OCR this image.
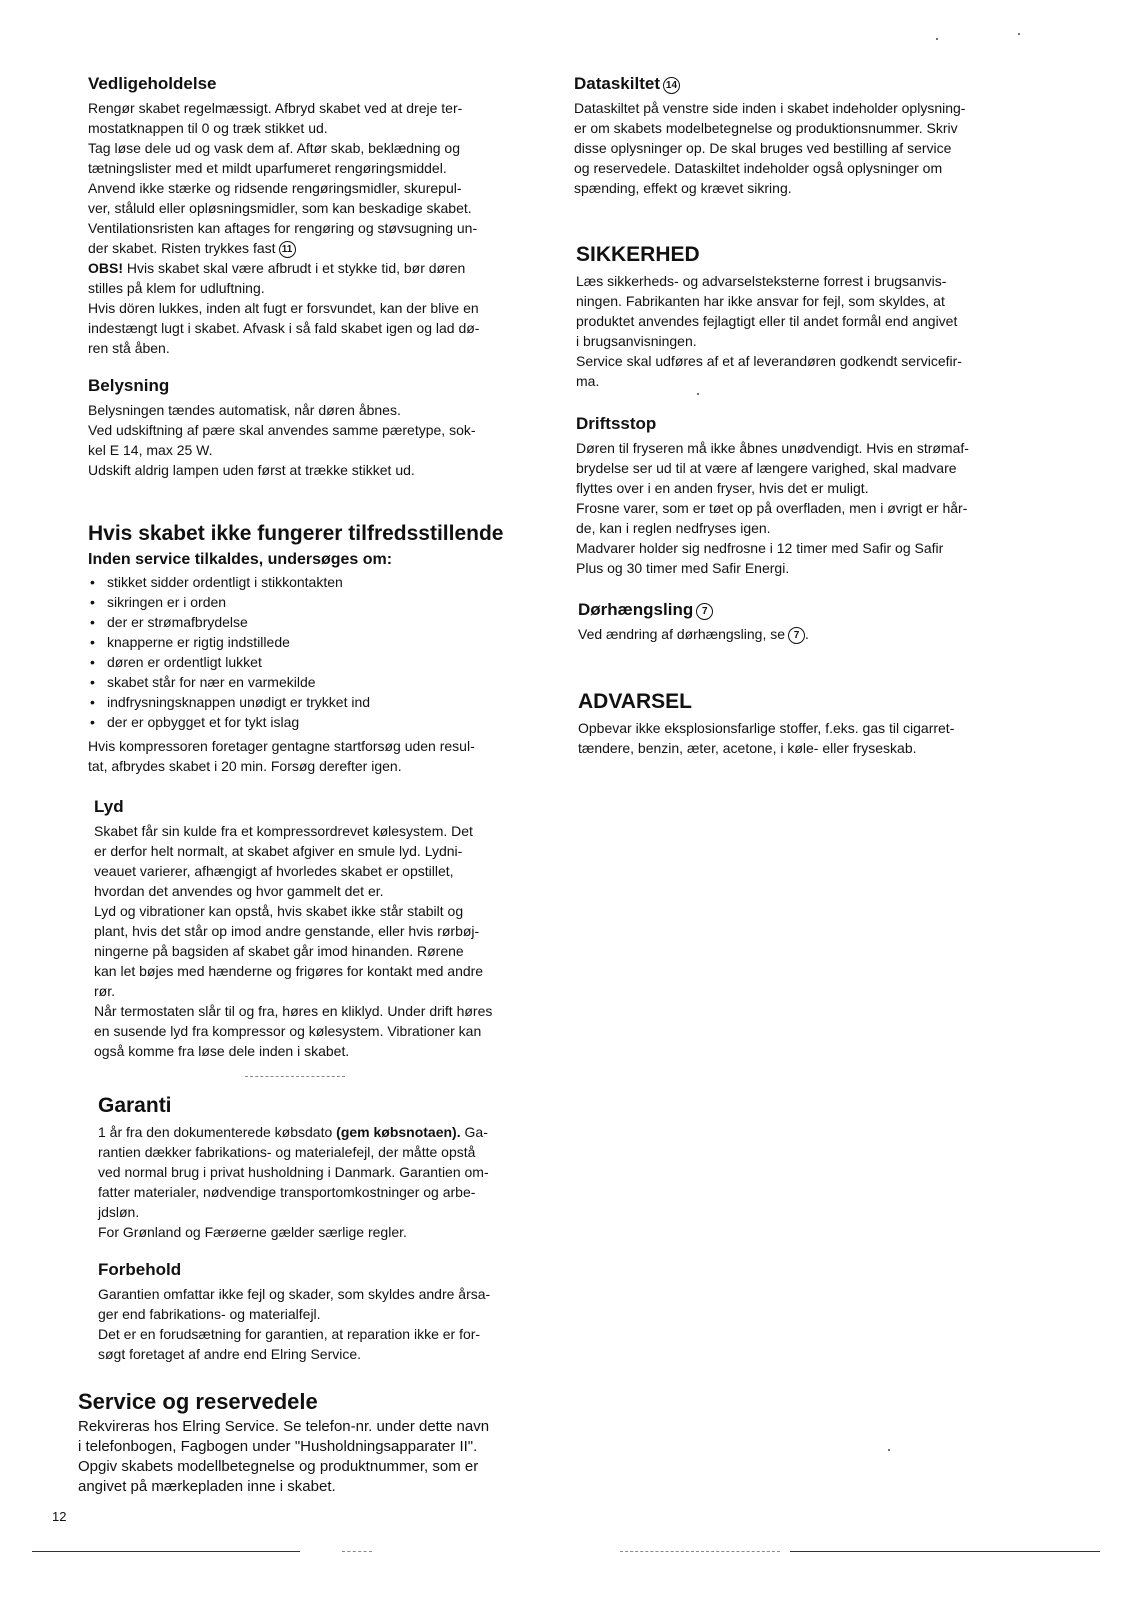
Vedligeholdelse
Rengør skabet regelmæssigt. Afbryd skabet ved at dreje ter-
mostatknappen til 0 og træk stikket ud.
Tag løse dele ud og vask dem af. Aftør skab, beklædning og
tætningslister med et mildt uparfumeret rengøringsmiddel.
Anvend ikke stærke og ridsende rengøringsmidler, skurepul-
ver, ståluld eller opløsningsmidler, som kan beskadige skabet.
Ventilationsristen kan aftages for rengøring og støvsugning un-
der skabet. Risten trykkes fast 11
OBS! Hvis skabet skal være afbrudt i et stykke tid, bør døren
stilles på klem for udluftning.
Hvis dören lukkes, inden alt fugt er forsvundet, kan der blive en
indestængt lugt i skabet. Afvask i så fald skabet igen og lad dø-
ren stå åben.
Belysning
Belysningen tændes automatisk, når døren åbnes.
Ved udskiftning af pære skal anvendes samme pæretype, sok-
kel E 14, max 25 W.
Udskift aldrig lampen uden først at trække stikket ud.
Hvis skabet ikke fungerer tilfredsstillende
Inden service tilkaldes, undersøges om:
• stikket sidder ordentligt i stikkontakten
• sikringen er i orden
• der er strømafbrydelse
• knapperne er rigtig indstillede
• døren er ordentligt lukket
• skabet står for nær en varmekilde
• indfrysningsknappen unødigt er trykket ind
• der er opbygget et for tykt islag
Hvis kompressoren foretager gentagne startforsøg uden resul-
tat, afbrydes skabet i 20 min. Forsøg derefter igen.
Lyd
Skabet får sin kulde fra et kompressordrevet kølesystem. Det
er derfor helt normalt, at skabet afgiver en smule lyd. Lydni-
veauet varierer, afhængigt af hvorledes skabet er opstillet,
hvordan det anvendes og hvor gammelt det er.
Lyd og vibrationer kan opstå, hvis skabet ikke står stabilt og
plant, hvis det står op imod andre genstande, eller hvis rørbøj-
ningerne på bagsiden af skabet går imod hinanden. Rørene
kan let bøjes med hænderne og frigøres for kontakt med andre
rør.
Når termostaten slår til og fra, høres en kliklyd. Under drift høres
en susende lyd fra kompressor og kølesystem. Vibrationer kan
også komme fra løse dele inden i skabet.
Garanti
1 år fra den dokumenterede købsdato (gem købsnotaen). Ga-
rantien dækker fabrikations- og materialefejl, der måtte opstå
ved normal brug i privat husholdning i Danmark. Garantien om-
fatter materialer, nødvendige transportomkostninger og arbe-
jdsløn.
For Grønland og Færøerne gælder særlige regler.
Forbehold
Garantien omfattar ikke fejl og skader, som skyldes andre årsa-
ger end fabrikations- og materialfejl.
Det er en forudsætning for garantien, at reparation ikke er for-
søgt foretaget af andre end Elring Service.
Service og reservedele
Rekvireras hos Elring Service. Se telefon-nr. under dette navn
i telefonbogen, Fagbogen under "Husholdningsapparater II".
Opgiv skabets modellbetegnelse og produktnummer, som er
angivet på mærkepladen inne i skabet.
12
Dataskiltet 14
Dataskiltet på venstre side inden i skabet indeholder oplysning-
er om skabets modelbetegnelse og produktionsnummer. Skriv
disse oplysninger op. De skal bruges ved bestilling af service
og reservedele. Dataskiltet indeholder også oplysninger om
spænding, effekt og krævet sikring.
SIKKERHED
Læs sikkerheds- og advarselsteksterne forrest i brugsanvis-
ningen. Fabrikanten har ikke ansvar for fejl, som skyldes, at
produktet anvendes fejlagtigt eller til andet formål end angivet
i brugsanvisningen.
Service skal udføres af et af leverandøren godkendt servicefir-
ma.
Driftsstop
Døren til fryseren må ikke åbnes unødvendigt. Hvis en strømaf-
brydelse ser ud til at være af længere varighed, skal madvare
flyttes over i en anden fryser, hvis det er muligt.
Frosne varer, som er tøet op på overfladen, men i øvrigt er hår-
de, kan i reglen nedfryses igen.
Madvarer holder sig nedfrosne i 12 timer med Safir og Safir
Plus og 30 timer med Safir Energi.
Dørhængsling 7
Ved ændring af dørhængsling, se 7 .
ADVARSEL
Opbevar ikke eksplosionsfarlige stoffer, f.eks. gas til cigarret-
tændere, benzin, æter, acetone, i køle- eller fryseskab.
